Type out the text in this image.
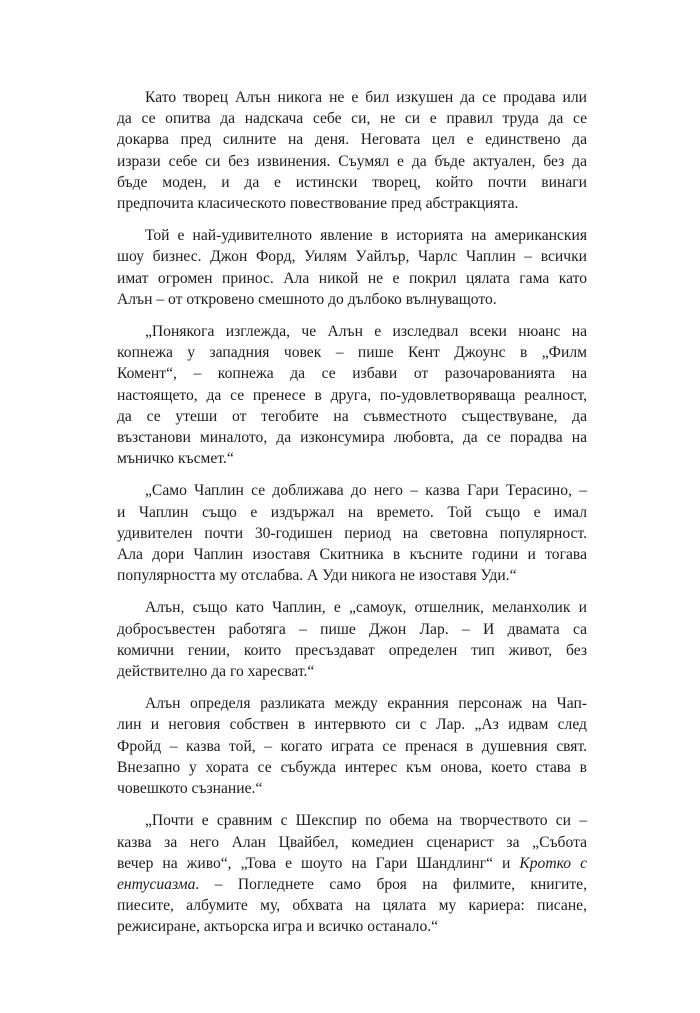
Като творец Алън никога не е бил изкушен да се продава или
да се опитва да надскача себе си, не си е правил труда да се
докарва пред силните на деня. Неговата цел е единствено да
изрази себе си без извинения. Съумял е да бъде актуален, без да
бъде моден, и да е истински творец, който почти винаги
предпочита класическото повествование пред абстракцията.

Той е най-удивителното явление в историята на американския
шоу бизнес. Джон Форд, Уилям Уайлър, Чарлс Чаплин – всички
имат огромен принос. Ала никой не е покрил цялата гама като
Алън – от откровено смешното до дълбоко вълнуващото.

„Понякога изглежда, че Алън е изследвал всеки нюанс на
копнежа у западния човек – пише Кент Джоунс в „Филм
Комент“, – копнежа да се избави от разочарованията на
настоящето, да се пренесе в друга, по-удовлетворяваща реалност,
да се утеши от тегобите на съвместното съществуване, да
възстанови миналото, да изконсумира любовта, да се порадва на
мъничко късмет.“

„Само Чаплин се доближава до него – казва Гари Терасино, –
и Чаплин също е издържал на времето. Той също е имал
удивителен почти 30-годишен период на световна популярност.
Ала дори Чаплин изоставя Скитника в късните години и тогава
популярността му отслабва. А Уди никога не изоставя Уди.“

Алън, също като Чаплин, е „самоук, отшелник, меланхолик и
добросъвестен работяга – пише Джон Лар. – И двамата са
комични гении, които пресъздават определен тип живот, без
действително да го харесват.“

Алън определя разликата между екранния персонаж на Чап-
лин и неговия собствен в интервюто си с Лар. „Аз идвам след
Фройд – казва той, – когато играта се пренася в душевния свят.
Внезапно у хората се събужда интерес към онова, което става в
човешкото съзнание.“

„Почти е сравним с Шекспир по обема на творчеството си –
казва за него Алан Цвайбел, комедиен сценарист за „Събота
вечер на живо“, „Това е шоуто на Гари Шандлинг“ и Кротко с
ентусиазма. – Погледнете само броя на филмите, книгите,
пиесите, албумите му, обхвата на цялата му кариера: писане,
режисиране, актьорска игра и всичко останало.“
